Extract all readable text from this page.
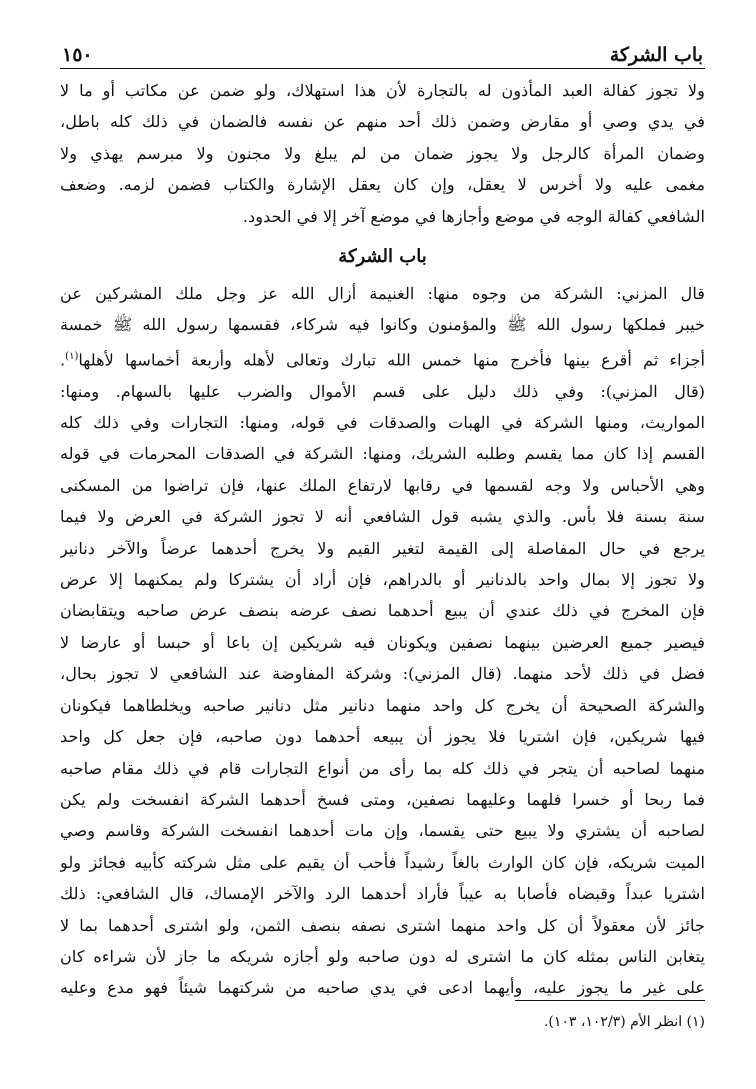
باب الشركة
١٥٠
ولا تجوز كفالة العبد المأذون له بالتجارة لأن هذا استهلاك، ولو ضمن عن مكاتب أو ما لا
في يدي وصي أو مقارض وضمن ذلك أحد منهم عن نفسه فالضمان في ذلك كله باطل،
وضمان المرأة كالرجل ولا يجوز ضمان من لم يبلغ ولا مجنون ولا مبرسم يهذي ولا
مغمى عليه ولا أخرس لا يعقل، وإن كان يعقل الإشارة والكتاب فضمن لزمه. وضعف
الشافعي كفالة الوجه في موضع وأجازها في موضع آخر إلا في الحدود.
باب الشركة
قال المزني: الشركة من وجوه منها: الغنيمة أزال الله عز وجل ملك المشركين عن
خيبر فملكها رسول الله ﷺ والمؤمنون وكانوا فيه شركاء، فقسمها رسول الله ﷺ خمسة
أجزاء ثم أقرع بينها فأخرج منها خمس الله تبارك وتعالى لأهله وأربعة أخماسها لأهلها$^{(١)}$.
(قال المزني): وفي ذلك دليل على قسم الأموال والضرب عليها بالسهام. ومنها:
المواريث، ومنها الشركة في الهبات والصدقات في قوله، ومنها: التجارات وفي ذلك كله
القسم إذا كان مما يقسم وطلبه الشريك، ومنها: الشركة في الصدقات المحرمات في قوله
وهي الأحباس ولا وجه لقسمها في رقابها لارتفاع الملك عنها، فإن تراضوا من المسكنى
سنة بسنة فلا بأس. والذي يشبه قول الشافعي أنه لا تجوز الشركة في العرض ولا فيما
يرجع في حال المفاصلة إلى القيمة لتغير القيم ولا يخرج أحدهما عرضاً والآخر دنانير
ولا تجوز إلا بمال واحد بالدنانير أو بالدراهم، فإن أراد أن يشتركا ولم يمكنهما إلا عرض
فإن المخرج في ذلك عندي أن يبيع أحدهما نصف عرضه بنصف عرض صاحبه ويتقابضان
فيصير جميع العرضين بينهما نصفين ويكونان فيه شريكين إن باعا أو حبسا أو عارضا لا
فضل في ذلك لأحد منهما. (قال المزني): وشركة المفاوضة عند الشافعي لا تجوز بحال،
والشركة الصحيحة أن يخرج كل واحد منهما دنانير مثل دنانير صاحبه ويخلطاهما فيكونان
فيها شريكين، فإن اشتريا فلا يجوز أن يبيعه أحدهما دون صاحبه، فإن جعل كل واحد
منهما لصاحبه أن يتجر في ذلك كله بما رأى من أنواع التجارات قام في ذلك مقام صاحبه
فما ربحا أو خسرا فلهما وعليهما نصفين، ومتى فسخ أحدهما الشركة انفسخت ولم يكن
لصاحبه أن يشتري ولا يبيع حتى يقسما، وإن مات أحدهما انفسخت الشركة وقاسم وصي
الميت شريكه، فإن كان الوارث بالغاً رشيداً فأحب أن يقيم على مثل شركته كأبيه فجائز ولو
اشتريا عبداً وقبضاه فأصابا به عيباً فأراد أحدهما الرد والآخر الإمساك، قال الشافعي: ذلك
جائز لأن معقولاً أن كل واحد منهما اشترى نصفه بنصف الثمن، ولو اشترى أحدهما بما لا
يتغابن الناس بمثله كان ما اشترى له دون صاحبه ولو أجازه شريكه ما جاز لأن شراءه كان
على غير ما يجوز عليه، وأيهما ادعى في يدي صاحبه من شركتهما شيئاً فهو مدع وعليه
(١) انظر الأم (١٠٢/٣، ١٠٣).
